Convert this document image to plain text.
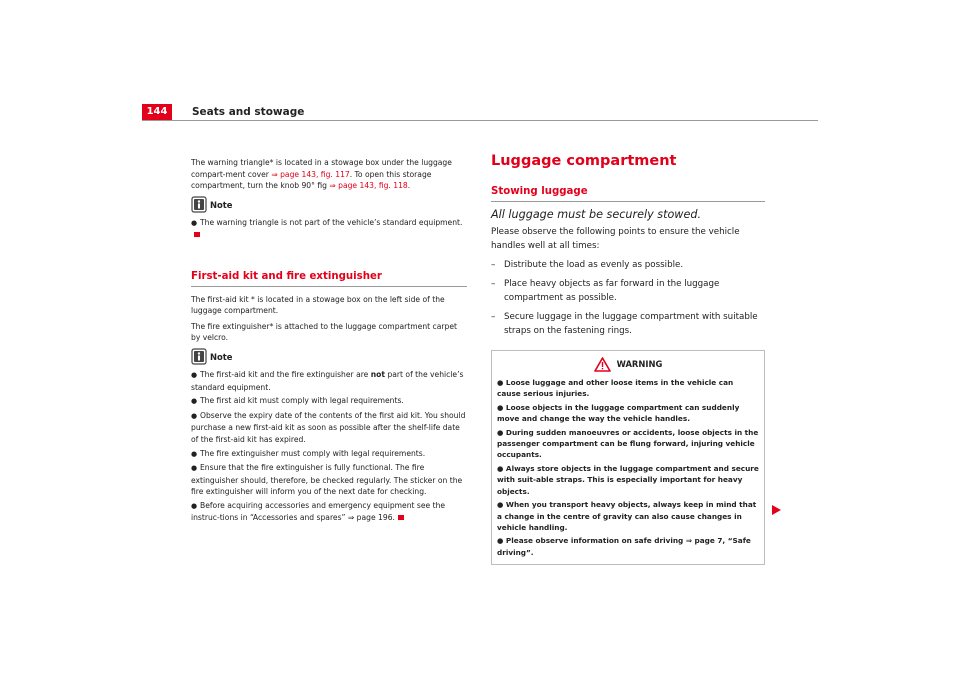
144	Seats and stowage

The warning triangle* is located in a stowage box under the luggage compart-ment cover ⇒ page 143, fig. 117. To open this storage compartment, turn the knob 90° fig ⇒ page 143, fig. 118.

Note
● The warning triangle is not part of the vehicle’s standard equipment.
First-aid kit and fire extinguisher

The first-aid kit * is located in a stowage box on the left side of the luggage compartment.

The fire extinguisher* is attached to the luggage compartment carpet by velcro.

Note
● The first-aid kit and the fire extinguisher are not part of the vehicle’s standard equipment.
● The first aid kit must comply with legal requirements.
● Observe the expiry date of the contents of the first aid kit. You should purchase a new first-aid kit as soon as possible after the shelf-life date of the first-aid kit has expired.
● The fire extinguisher must comply with legal requirements.
● Ensure that the fire extinguisher is fully functional. The fire extinguisher should, therefore, be checked regularly. The sticker on the fire extinguisher will inform you of the next date for checking.
● Before acquiring accessories and emergency equipment see the instruc-tions in “Accessories and spares” ⇒ page 196.
Luggage compartment
Stowing luggage
All luggage must be securely stowed.
Please observe the following points to ensure the vehicle handles well at all times:
– Distribute the load as evenly as possible.
– Place heavy objects as far forward in the luggage compartment as possible.
– Secure luggage in the luggage compartment with suitable straps on the fastening rings.
WARNING
● Loose luggage and other loose items in the vehicle can cause serious injuries.
● Loose objects in the luggage compartment can suddenly move and change the way the vehicle handles.
● During sudden manoeuvres or accidents, loose objects in the passenger compartment can be flung forward, injuring vehicle occupants.
● Always store objects in the luggage compartment and secure with suit-able straps. This is especially important for heavy objects.
● When you transport heavy objects, always keep in mind that a change in the centre of gravity can also cause changes in vehicle handling.
● Please observe information on safe driving ⇒ page 7, “Safe driving”.
